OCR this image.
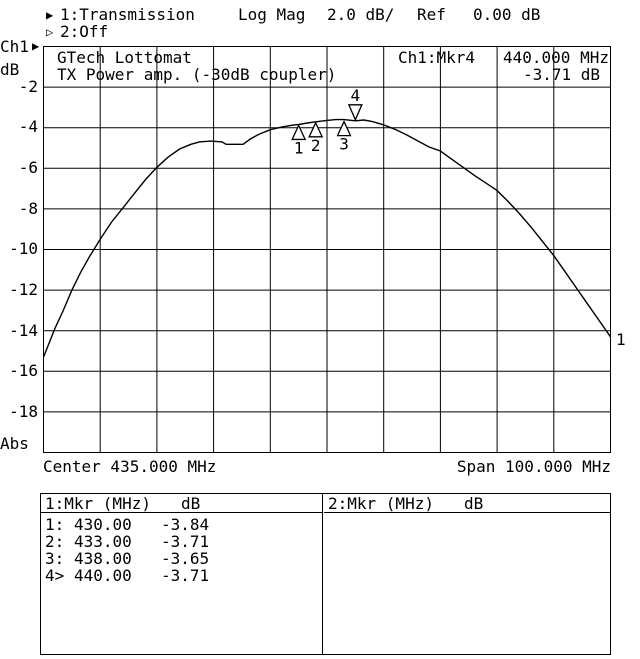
▶ 1:Transmission	Log Mag 2.0 dB/ Ref 0.00 dB
▷ 2:Off
Ch1 ▶
dB
-2
-4
-6
-8
-10
-12
-14
-16
-18
Abs
1 2 3
4
GTech Lottomat
TX Power amp. (-30dB coupler)
Ch1:Mkr4 440.000 MHz
-3.71 dB
1
Center 435.000 MHz	Span 100.000 MHz
1:Mkr (MHz) dB
1: 430.00 -3.84
2: 433.00 -3.71
3: 438.00 -3.65
4> 440.00 -3.71
2:Mkr (MHz) dB
